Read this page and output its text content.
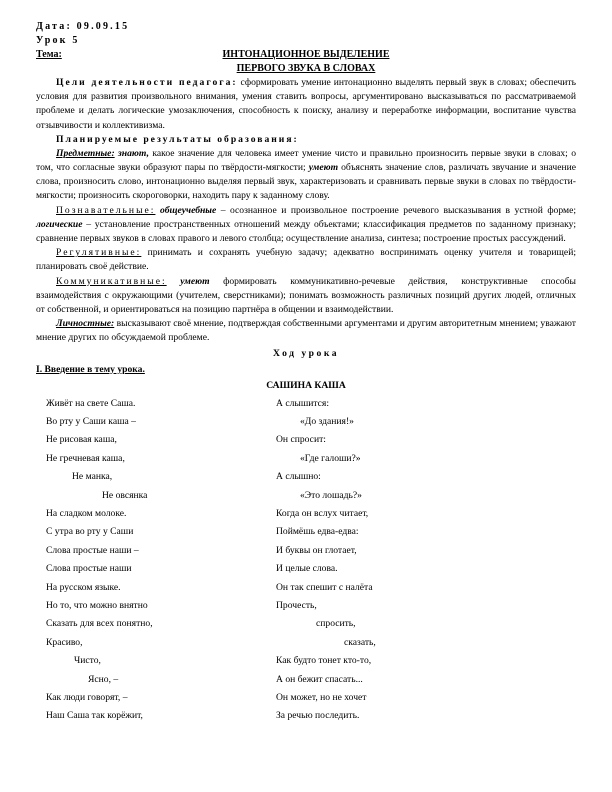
Дата: 09.09.15
Урок 5
Тема:	ИНТОНАЦИОННОЕ ВЫДЕЛЕНИЕ
ПЕРВОГО ЗВУКА В СЛОВАХ

Цели деятельности педагога: сформировать умение интонационно выделять первый звук в словах; обеспечить условия для развития произвольного внимания, умения ставить вопросы, аргументировано высказываться по рассматриваемой проблеме и делать логические умозаключения, способность к поиску, анализу и переработке информации, воспитание чувства отзывчивости и коллективизма.

Планируемые результаты образования:

Предметные: знают, какое значение для человека имеет умение чисто и правильно произносить первые звуки в словах; о том, что согласные звуки образуют пары по твёрдости-мягкости; умеют объяснять значение слов, различать звучание и значение слова, произносить слово, интонационно выделяя первый звук, характеризовать и сравнивать первые звуки в словах по твёрдости-мягкости; произносить скороговорки, находить пару к заданному слову.

Познавательные: общеучебные – осознанное и произвольное построение речевого высказывания в устной форме; логические – установление пространственных отношений между объектами; классификация предметов по заданному признаку; сравнение первых звуков в словах правого и левого столбца; осуществление анализа, синтеза; построение простых рассуждений.

Регулятивные: принимать и сохранять учебную задачу; адекватно воспринимать оценку учителя и товарищей; планировать своё действие.

Коммуникативные: умеют формировать коммуникативно-речевые действия, конструктивные способы взаимодействия с окружающими (учителем, сверстниками); понимать возможность различных позиций других людей, отличных от собственной, и ориентироваться на позицию партнёра в общении и взаимодействии.

Личностные: высказывают своё мнение, подтверждая собственными аргументами и другим авторитетным мнением; уважают мнение других по обсуждаемой проблеме.

Ход урока
I. Введение в тему урока.
САШИНА КАША
Живёт на свете Саша.
Во рту у Саши каша –
Не рисовая каша,
Не гречневая каша,
Не манка,
Не овсянка
На сладком молоке.
С утра во рту у Саши
Слова простые наши –
Слова простые наши
На русском языке.
Но то, что можно внятно
Сказать для всех понятно,
Красиво,
Чисто,
Ясно, –
Как люди говорят, –
Наш Саша так корёжит,
А слышится:
«До здания!»
Он спросит:
«Где галоши?»
А слышно:
«Это лошадь?»
Когда он вслух читает,
Поймёшь едва-едва:
И буквы он глотает,
И целые слова.
Он так спешит с налёта
Прочесть,
спросить,
сказать,
Как будто тонет кто-то,
А он бежит спасать...
Он может, но не хочет
За речью последить.
